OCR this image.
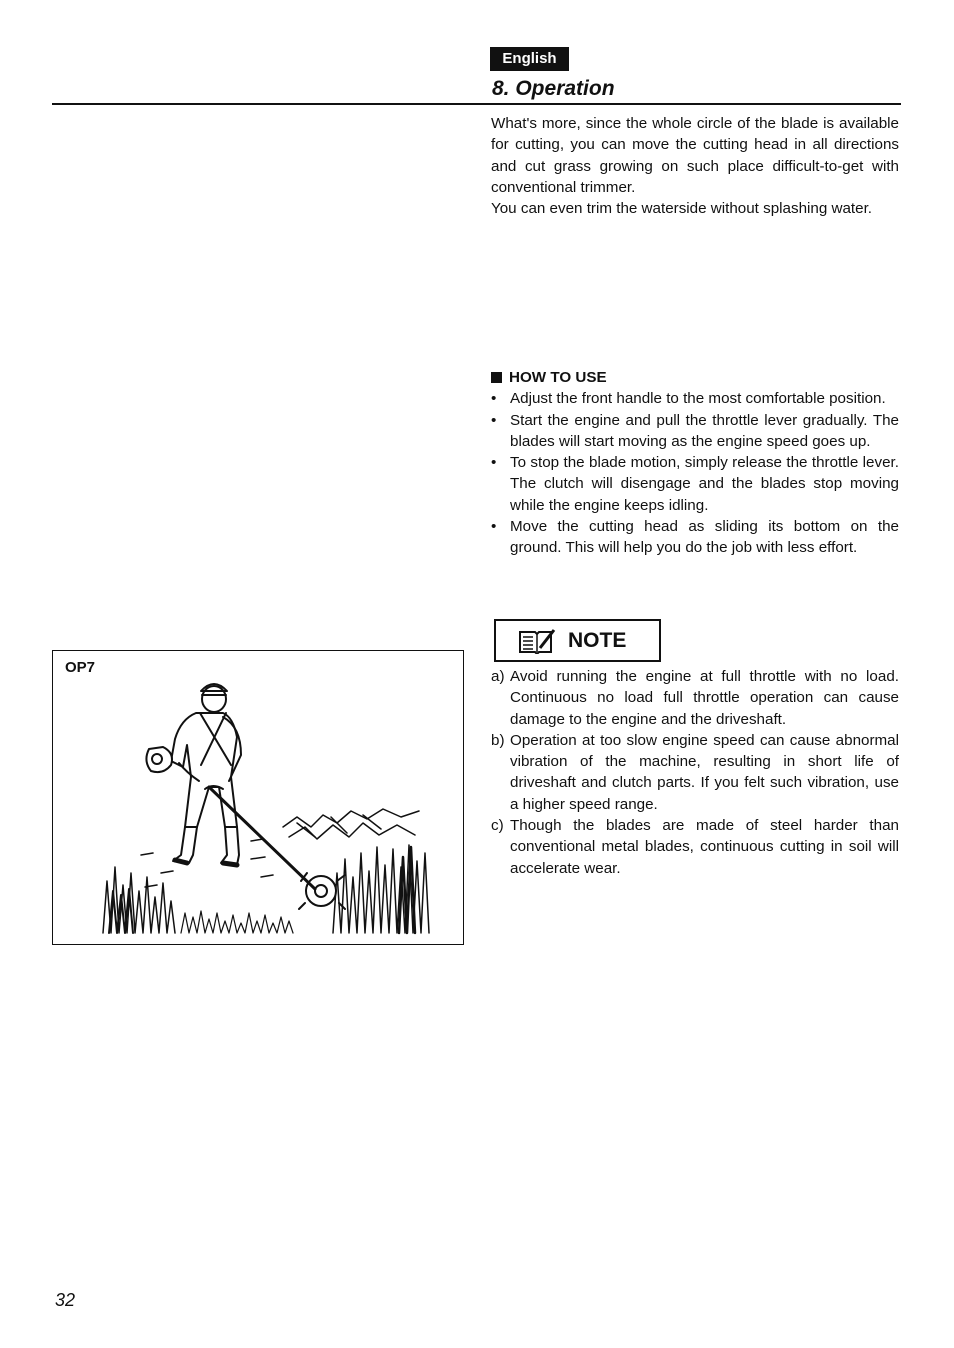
English
8. Operation

What's more, since the whole circle of the blade is available for cutting, you can move the cutting head in all directions and cut grass growing on such place difficult-to-get with conventional trimmer.

You can even trim the waterside without splashing water.

HOW TO USE
• Adjust the front handle to the most comfortable position.
• Start the engine and pull the throttle lever gradually. The blades will start moving as the engine speed goes up.
• To stop the blade motion, simply release the throttle lever. The clutch will disengage and the blades stop moving while the engine keeps idling.
• Move the cutting head as sliding its bottom on the ground. This will help you do the job with less effort.
NOTE
a) Avoid running the engine at full throttle with no load. Continuous no load full throttle operation can cause damage to the engine and the driveshaft.
b) Operation at too slow engine speed can cause abnormal vibration of the machine, resulting in short life of driveshaft and clutch parts. If you felt such vibration, use a higher speed range.
c) Though the blades are made of steel harder than conventional metal blades, continuous cutting in soil will accelerate wear.
OP7
32
